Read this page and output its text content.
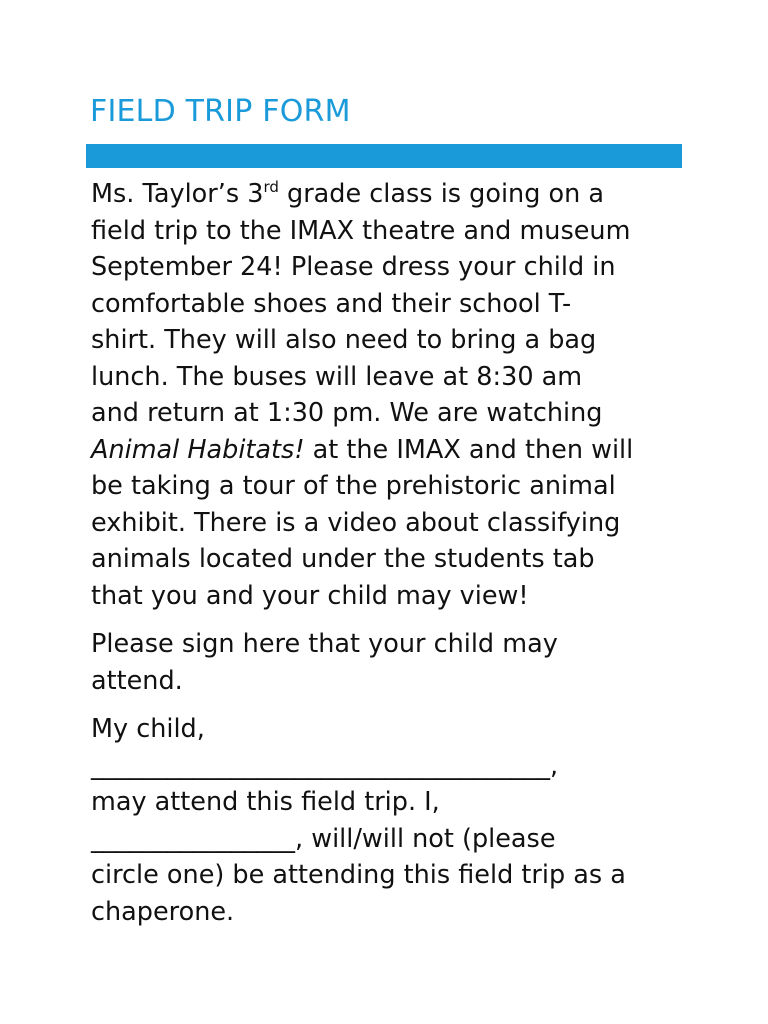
FIELD TRIP FORM
Ms. Taylor’s 3rd grade class is going on a
field trip to the IMAX theatre and museum
September 24! Please dress your child in
comfortable shoes and their school T-
shirt. They will also need to bring a bag
lunch. The buses will leave at 8:30 am
and return at 1:30 pm. We are watching
Animal Habitats! at the IMAX and then will
be taking a tour of the prehistoric animal
exhibit. There is a video about classifying
animals located under the students tab
that you and your child may view!
Please sign here that your child may
attend.
My child,
____________________________________,
may attend this field trip. I,
________________, will/will not (please
circle one) be attending this field trip as a
chaperone.
